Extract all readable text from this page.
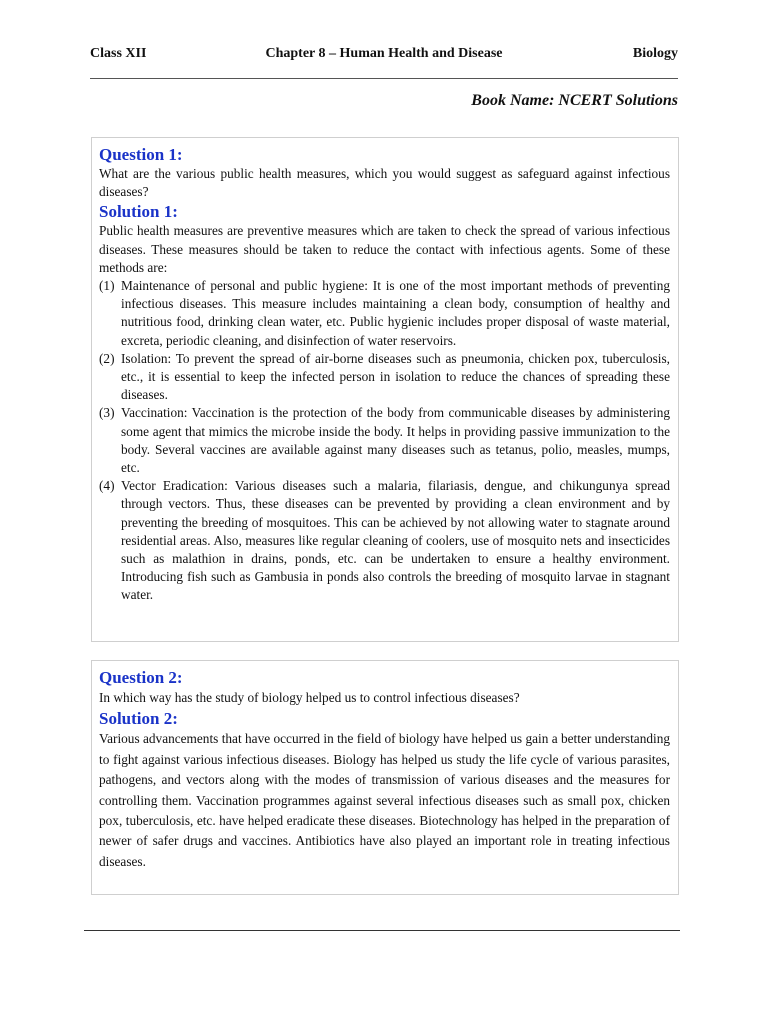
Class XII	Chapter 8 – Human Health and Disease	Biology
Book Name: NCERT Solutions
Question 1:

What are the various public health measures, which you would suggest as safeguard against infectious diseases?

Solution 1:

Public health measures are preventive measures which are taken to check the spread of various infectious diseases. These measures should be taken to reduce the contact with infectious agents. Some of these methods are:

(1) Maintenance of personal and public hygiene: It is one of the most important methods of preventing infectious diseases. This measure includes maintaining a clean body, consumption of healthy and nutritious food, drinking clean water, etc. Public hygienic includes proper disposal of waste material, excreta, periodic cleaning, and disinfection of water reservoirs.
(2) Isolation: To prevent the spread of air-borne diseases such as pneumonia, chicken pox, tuberculosis, etc., it is essential to keep the infected person in isolation to reduce the chances of spreading these diseases.
(3) Vaccination: Vaccination is the protection of the body from communicable diseases by administering some agent that mimics the microbe inside the body. It helps in providing passive immunization to the body. Several vaccines are available against many diseases such as tetanus, polio, measles, mumps, etc.
(4) Vector Eradication: Various diseases such a malaria, filariasis, dengue, and chikungunya spread through vectors. Thus, these diseases can be prevented by providing a clean environment and by preventing the breeding of mosquitoes. This can be achieved by not allowing water to stagnate around residential areas. Also, measures like regular cleaning of coolers, use of mosquito nets and insecticides such as malathion in drains, ponds, etc. can be undertaken to ensure a healthy environment. Introducing fish such as Gambusia in ponds also controls the breeding of mosquito larvae in stagnant water.
Question 2:

In which way has the study of biology helped us to control infectious diseases?

Solution 2:

Various advancements that have occurred in the field of biology have helped us gain a better understanding to fight against various infectious diseases. Biology has helped us study the life cycle of various parasites, pathogens, and vectors along with the modes of transmission of various diseases and the measures for controlling them. Vaccination programmes against several infectious diseases such as small pox, chicken pox, tuberculosis, etc. have helped eradicate these diseases. Biotechnology has helped in the preparation of newer of safer drugs and vaccines. Antibiotics have also played an important role in treating infectious diseases.
